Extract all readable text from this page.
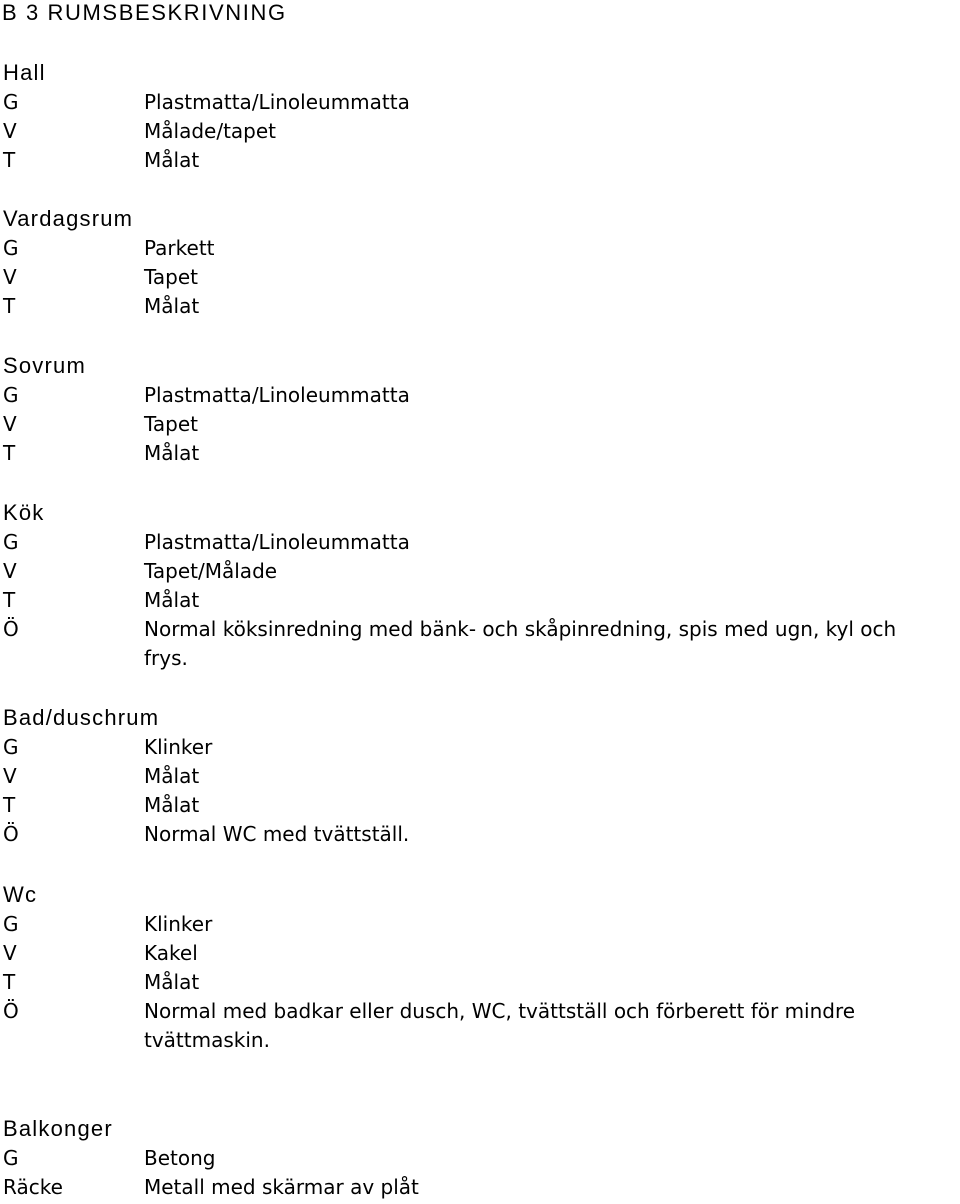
B 3 RUMSBESKRIVNING
Hall
G	Plastmatta/Linoleummatta
V	Målade/tapet
T	Målat
Vardagsrum
G	Parkett
V	Tapet
T	Målat
Sovrum
G	Plastmatta/Linoleummatta
V	Tapet
T	Målat
Kök
G	Plastmatta/Linoleummatta
V	Tapet/Målade
T	Målat
Ö	Normal köksinredning med bänk- och skåpinredning, spis med ugn, kyl och
frys.
Bad/duschrum
G	Klinker
V	Målat
T	Målat
Ö	Normal WC med tvättställ.
Wc
G	Klinker
V	Kakel
T	Målat
Ö	Normal med badkar eller dusch, WC, tvättställ och förberett för mindre
tvättmaskin.
Balkonger
G	Betong
Räcke	Metall med skärmar av plåt
